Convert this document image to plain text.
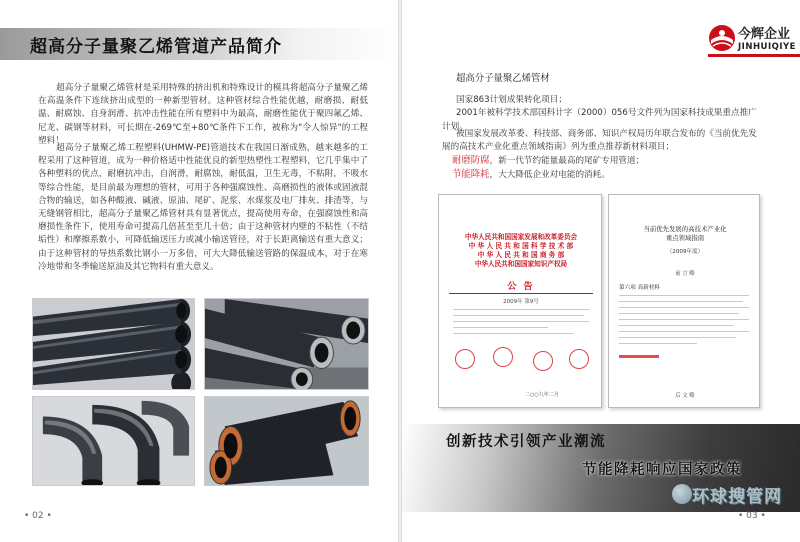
超高分子量聚乙烯管道产品简介
超高分子量聚乙烯管材是采用特殊的挤出机和特殊设计的模具将超高分子量聚乙烯在高温条件下连续挤出成型的一种新型管材。这种管材综合性能优越，耐磨损、耐低温、耐腐蚀、自身润滑、抗冲击性能在所有塑料中为最高，耐磨性能优于聚四氟乙烯、尼龙、碳钢等材料，可长期在-269℃至+80℃条件下工作，被称为"令人惊异"的工程塑料！
超高分子量聚乙烯工程塑料(UHMW-PE)管道技术在我国日渐成熟，越来越多的工程采用了这种管道，成为一种价格适中性能优良的新型热塑性工程塑料，它几乎集中了各种塑料的优点，耐磨抗冲击，自润滑，耐腐蚀，耐低温，卫生无毒，不粘附，不吸水等综合性能，是目前最为理想的管材，可用于各种强腐蚀性、高磨损性的液体或固液混合物的输送，如各种酸液、碱液、原油、尾矿、泥浆、水煤浆及电厂排灰、排渣等，与无缝钢管相比，超高分子量聚乙烯管材具有显著优点，提高使用寿命，在强腐蚀性和高磨损性条件下，使用寿命可提高几倍甚至至几十倍；由于这种管材内壁的不粘性（不结垢性）和摩擦系数小，可降低输送压力或减小输送管径，对于长距离输送有重大意义；由于这种管材的导热系数比钢小一万多倍，可大大降低输送管路的保温成本，对于在寒冷地带和冬季输送原油及其它物料有重大意义。
• 02 •
今辉企业
JINHUIQIYE
超高分子量聚乙烯管材
国家863计划成果转化项目；
2001年被科学技术部国科计字（2000）056号文件列为国家科技成果重点推广计划。
被国家发展改革委、科技部、商务部、知识产权局历年联合发布的《当前优先发展的高技术产业化重点领域指南》列为重点推荐新材料项目；
耐磨防腐，新一代节约能量最高的尾矿专用管道；
节能降耗，大大降低企业对电能的消耗。
中华人民共和国国家发展和改革委员会
中 华 人 民 共 和 国 科 学 技 术 部
中 华 人 民 共 和 国 商 务 部
中华人民共和国国家知识产权局
公 告
2009年 第9号
二○○九年二月
当前优先发展的高技术产业化
重点领域指南
（2009年度）
前 言 略
第六项 高新材料
后 文 略
创新技术引领产业潮流
节能降耗响应国家政策
环球搜管网
• 03 •
